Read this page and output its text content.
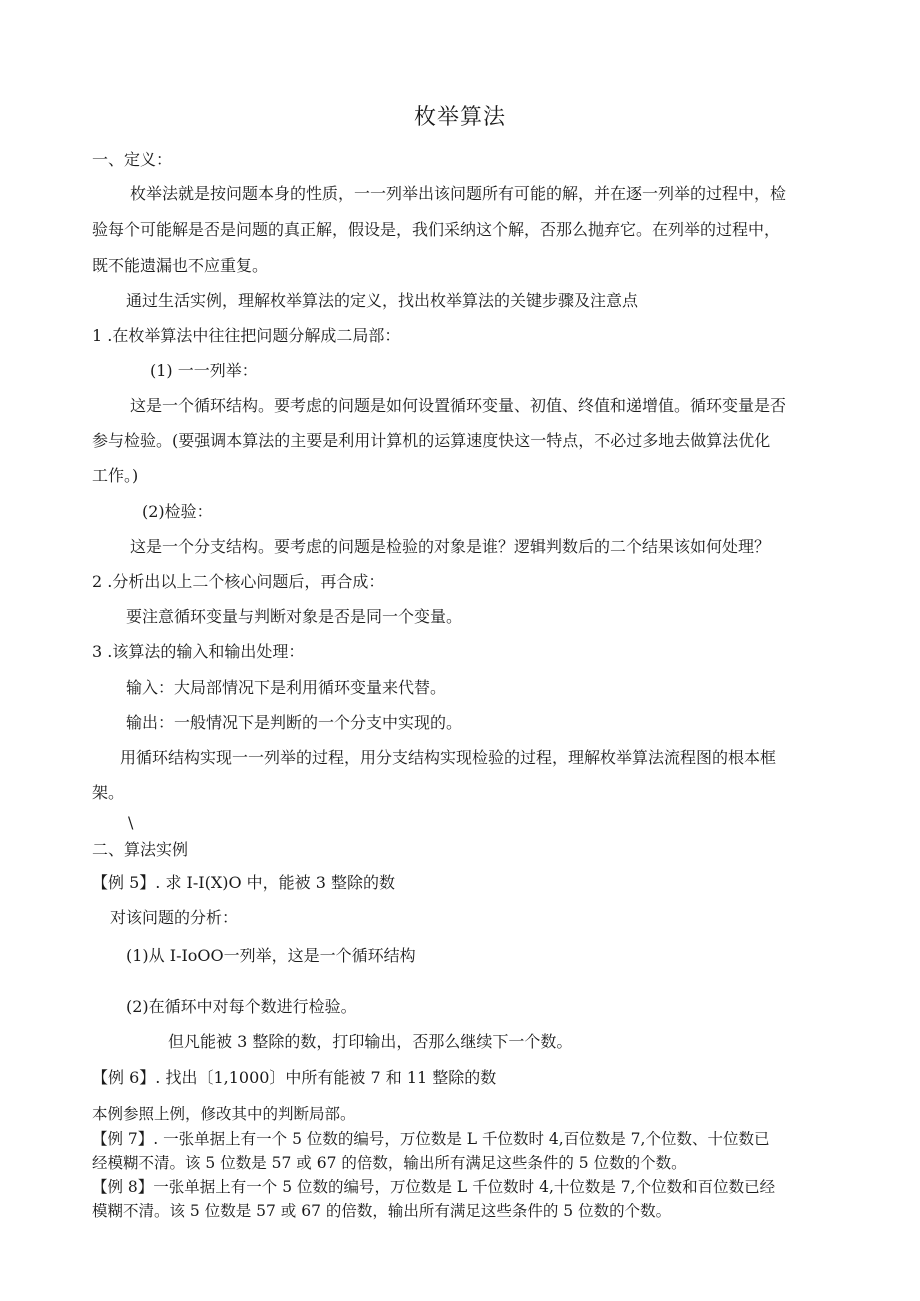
枚举算法
一、定义：
枚举法就是按问题本身的性质，一一列举出该问题所有可能的解，并在逐一列举的过程中，检
验每个可能解是否是问题的真正解，假设是，我们采纳这个解，否那么抛弃它。在列举的过程中，
既不能遗漏也不应重复。
通过生活实例，理解枚举算法的定义，找出枚举算法的关键步骤及注意点
1 .在枚举算法中往往把问题分解成二局部：
(1) 一一列举：
这是一个循环结构。要考虑的问题是如何设置循环变量、初值、终值和递增值。循环变量是否
参与检验。(要强调本算法的主要是利用计算机的运算速度快这一特点，不必过多地去做算法优化
工作。)
(2)检验：
这是一个分支结构。要考虑的问题是检验的对象是谁？逻辑判数后的二个结果该如何处理？
2 .分析出以上二个核心问题后，再合成：
要注意循环变量与判断对象是否是同一个变量。
3 .该算法的输入和输出处理：
输入：大局部情况下是利用循环变量来代替。
输出：一般情况下是判断的一个分支中实现的。
用循环结构实现一一列举的过程，用分支结构实现检验的过程，理解枚举算法流程图的根本框
架。
\
二、算法实例
【例 5】. 求 I-I(X)O 中，能被 3 整除的数
对该问题的分析：
(1)从 I-IoOO一列举，这是一个循环结构
(2)在循环中对每个数进行检验。
但凡能被 3 整除的数，打印输出，否那么继续下一个数。
【例 6】. 找出〔1,1000〕中所有能被 7 和 11 整除的数
本例参照上例，修改其中的判断局部。
【例 7】. 一张单据上有一个 5 位数的编号，万位数是 L 千位数时 4,百位数是 7,个位数、十位数已
经模糊不清。该 5 位数是 57 或 67 的倍数，输出所有满足这些条件的 5 位数的个数。
【例 8】一张单据上有一个 5 位数的编号，万位数是 L 千位数时 4,十位数是 7,个位数和百位数已经
模糊不清。该 5 位数是 57 或 67 的倍数，输出所有满足这些条件的 5 位数的个数。
